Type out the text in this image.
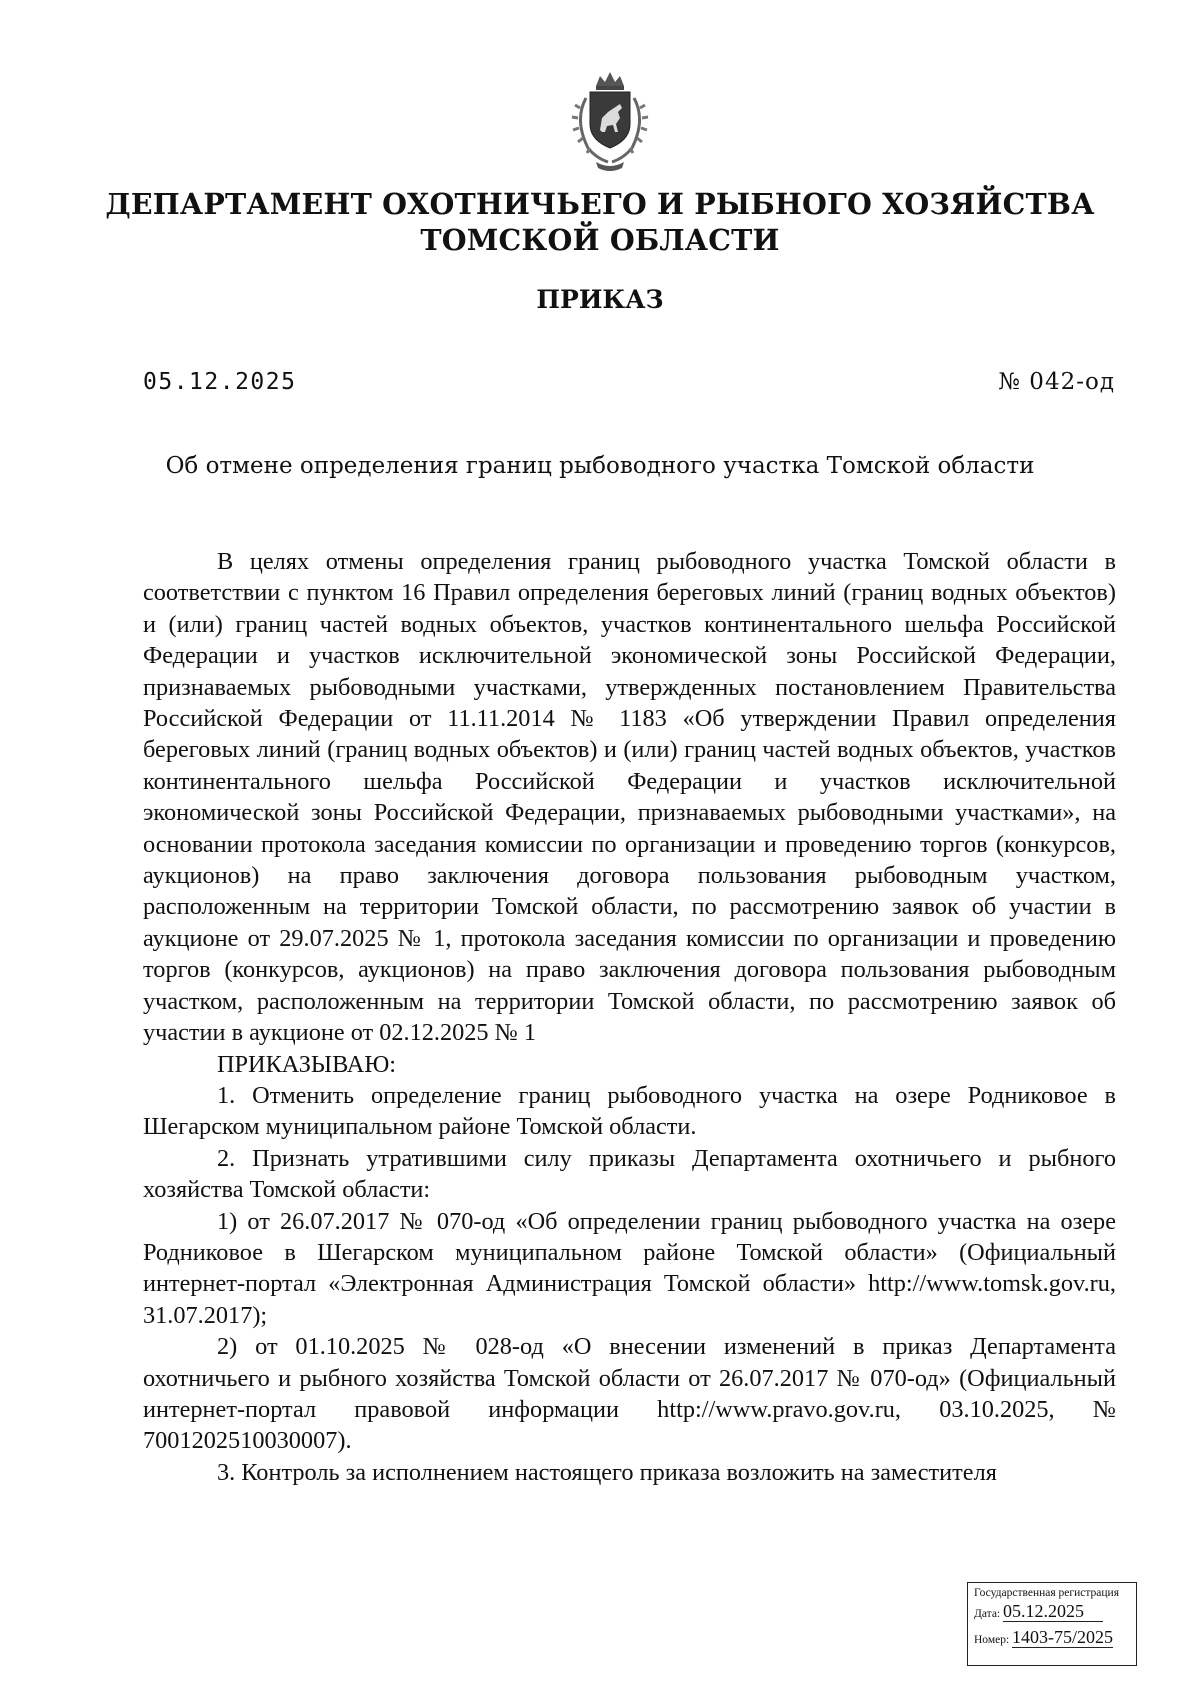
ДЕПАРТАМЕНТ ОХОТНИЧЬЕГО И РЫБНОГО ХОЗЯЙСТВА
ТОМСКОЙ ОБЛАСТИ
ПРИКАЗ
05.12.2025	№ 042-од
Об отмене определения границ рыбоводного участка Томской области

В целях отмены определения границ рыбоводного участка Томской области в соответствии с пунктом 16 Правил определения береговых линий (границ водных объектов) и (или) границ частей водных объектов, участков континентального шельфа Российской Федерации и участков исключительной экономической зоны Российской Федерации, признаваемых рыбоводными участками, утвержденных постановлением Правительства Российской Федерации от 11.11.2014 № 1183 «Об утверждении Правил определения береговых линий (границ водных объектов) и (или) границ частей водных объектов, участков континентального шельфа Российской Федерации и участков исключительной экономической зоны Российской Федерации, признаваемых рыбоводными участками», на основании протокола заседания комиссии по организации и проведению торгов (конкурсов, аукционов) на право заключения договора пользования рыбоводным участком, расположенным на территории Томской области, по рассмотрению заявок об участии в аукционе от 29.07.2025 № 1, протокола заседания комиссии по организации и проведению торгов (конкурсов, аукционов) на право заключения договора пользования рыбоводным участком, расположенным на территории Томской области, по рассмотрению заявок об участии в аукционе от 02.12.2025 № 1

ПРИКАЗЫВАЮ:

1. Отменить определение границ рыбоводного участка на озере Родниковое в Шегарском муниципальном районе Томской области.

2. Признать утратившими силу приказы Департамента охотничьего и рыбного хозяйства Томской области:

1) от 26.07.2017 № 070-од «Об определении границ рыбоводного участка на озере Родниковое в Шегарском муниципальном районе Томской области» (Официальный интернет-портал «Электронная Администрация Томской области» http://www.tomsk.gov.ru, 31.07.2017);

2) от 01.10.2025 № 028-од «О внесении изменений в приказ Департамента охотничьего и рыбного хозяйства Томской области от 26.07.2017 № 070-од» (Официальный интернет-портал правовой информации http://www.pravo.gov.ru, 03.10.2025, № 7001202510030007).

3. Контроль за исполнением настоящего приказа возложить на заместителя

Государственная регистрация
Дата: 05.12.2025
Номер: 1403-75/2025
